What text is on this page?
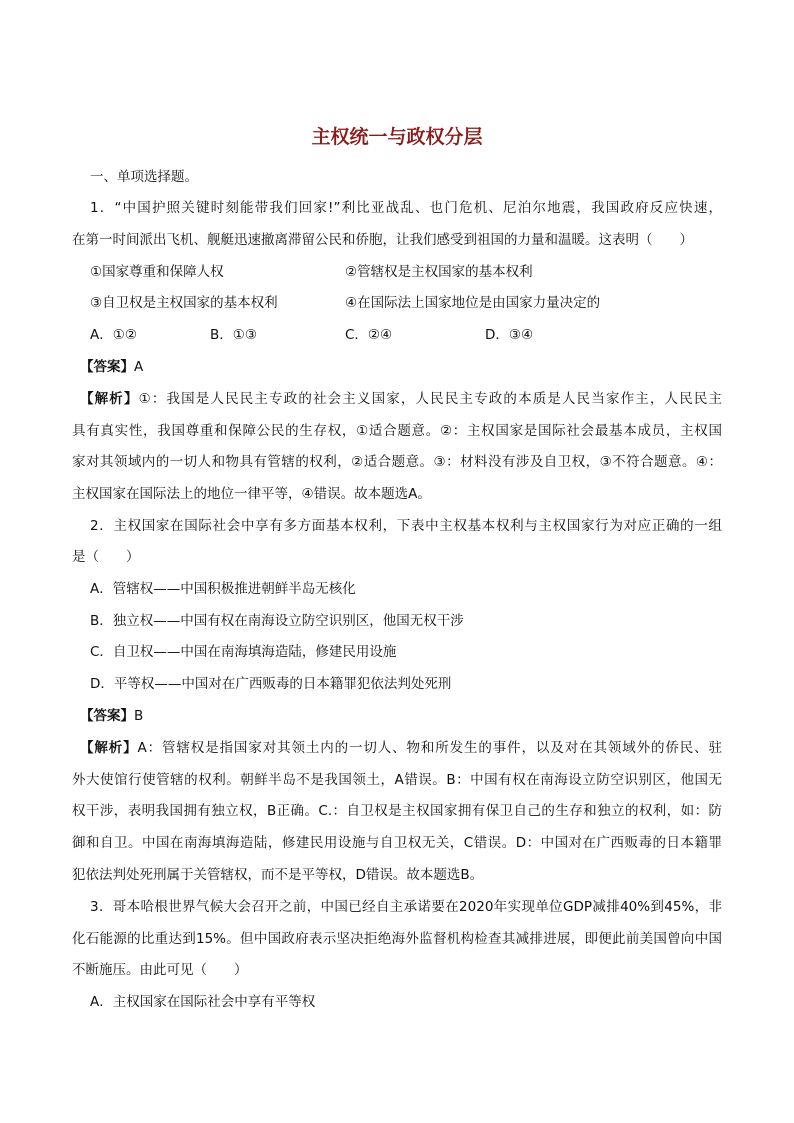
主权统一与政权分层
一、单项选择题。
1．“中国护照关键时刻能带我们回家!”利比亚战乱、也门危机、尼泊尔地震，我国政府反应快速，
在第一时间派出飞机、舰艇迅速撤离滞留公民和侨胞，让我们感受到祖国的力量和温暖。这表明（　　）
①国家尊重和保障人权	②管辖权是主权国家的基本权利
③自卫权是主权国家的基本权利	④在国际法上国家地位是由国家力量决定的
A．①②	B．①③	C．②④	D．③④
【答案】A
【解析】①：我国是人民民主专政的社会主义国家，人民民主专政的本质是人民当家作主，人民民主
具有真实性，我国尊重和保障公民的生存权，①适合题意。②：主权国家是国际社会最基本成员，主权国
家对其领域内的一切人和物具有管辖的权利，②适合题意。③：材料没有涉及自卫权，③不符合题意。④：
主权国家在国际法上的地位一律平等，④错误。故本题选A。
2．主权国家在国际社会中享有多方面基本权利，下表中主权基本权利与主权国家行为对应正确的一组
是（　　）
A．管辖权——中国积极推进朝鲜半岛无核化
B．独立权——中国有权在南海设立防空识别区，他国无权干涉
C．自卫权——中国在南海填海造陆，修建民用设施
D．平等权——中国对在广西贩毒的日本籍罪犯依法判处死刑
【答案】B
【解析】A：管辖权是指国家对其领土内的一切人、物和所发生的事件，以及对在其领域外的侨民、驻
外大使馆行使管辖的权利。朝鲜半岛不是我国领土，A错误。B：中国有权在南海设立防空识别区，他国无
权干涉，表明我国拥有独立权，B正确。C.：自卫权是主权国家拥有保卫自己的生存和独立的权利，如：防
御和自卫。中国在南海填海造陆，修建民用设施与自卫权无关，C错误。D：中国对在广西贩毒的日本籍罪
犯依法判处死刑属于关管辖权，而不是平等权，D错误。故本题选B。
3．哥本哈根世界气候大会召开之前，中国已经自主承诺要在2020年实现单位GDP减排40%到45%，非
化石能源的比重达到15%。但中国政府表示坚决拒绝海外监督机构检查其减排进展，即便此前美国曾向中国
不断施压。由此可见（　　）
A．主权国家在国际社会中享有平等权
